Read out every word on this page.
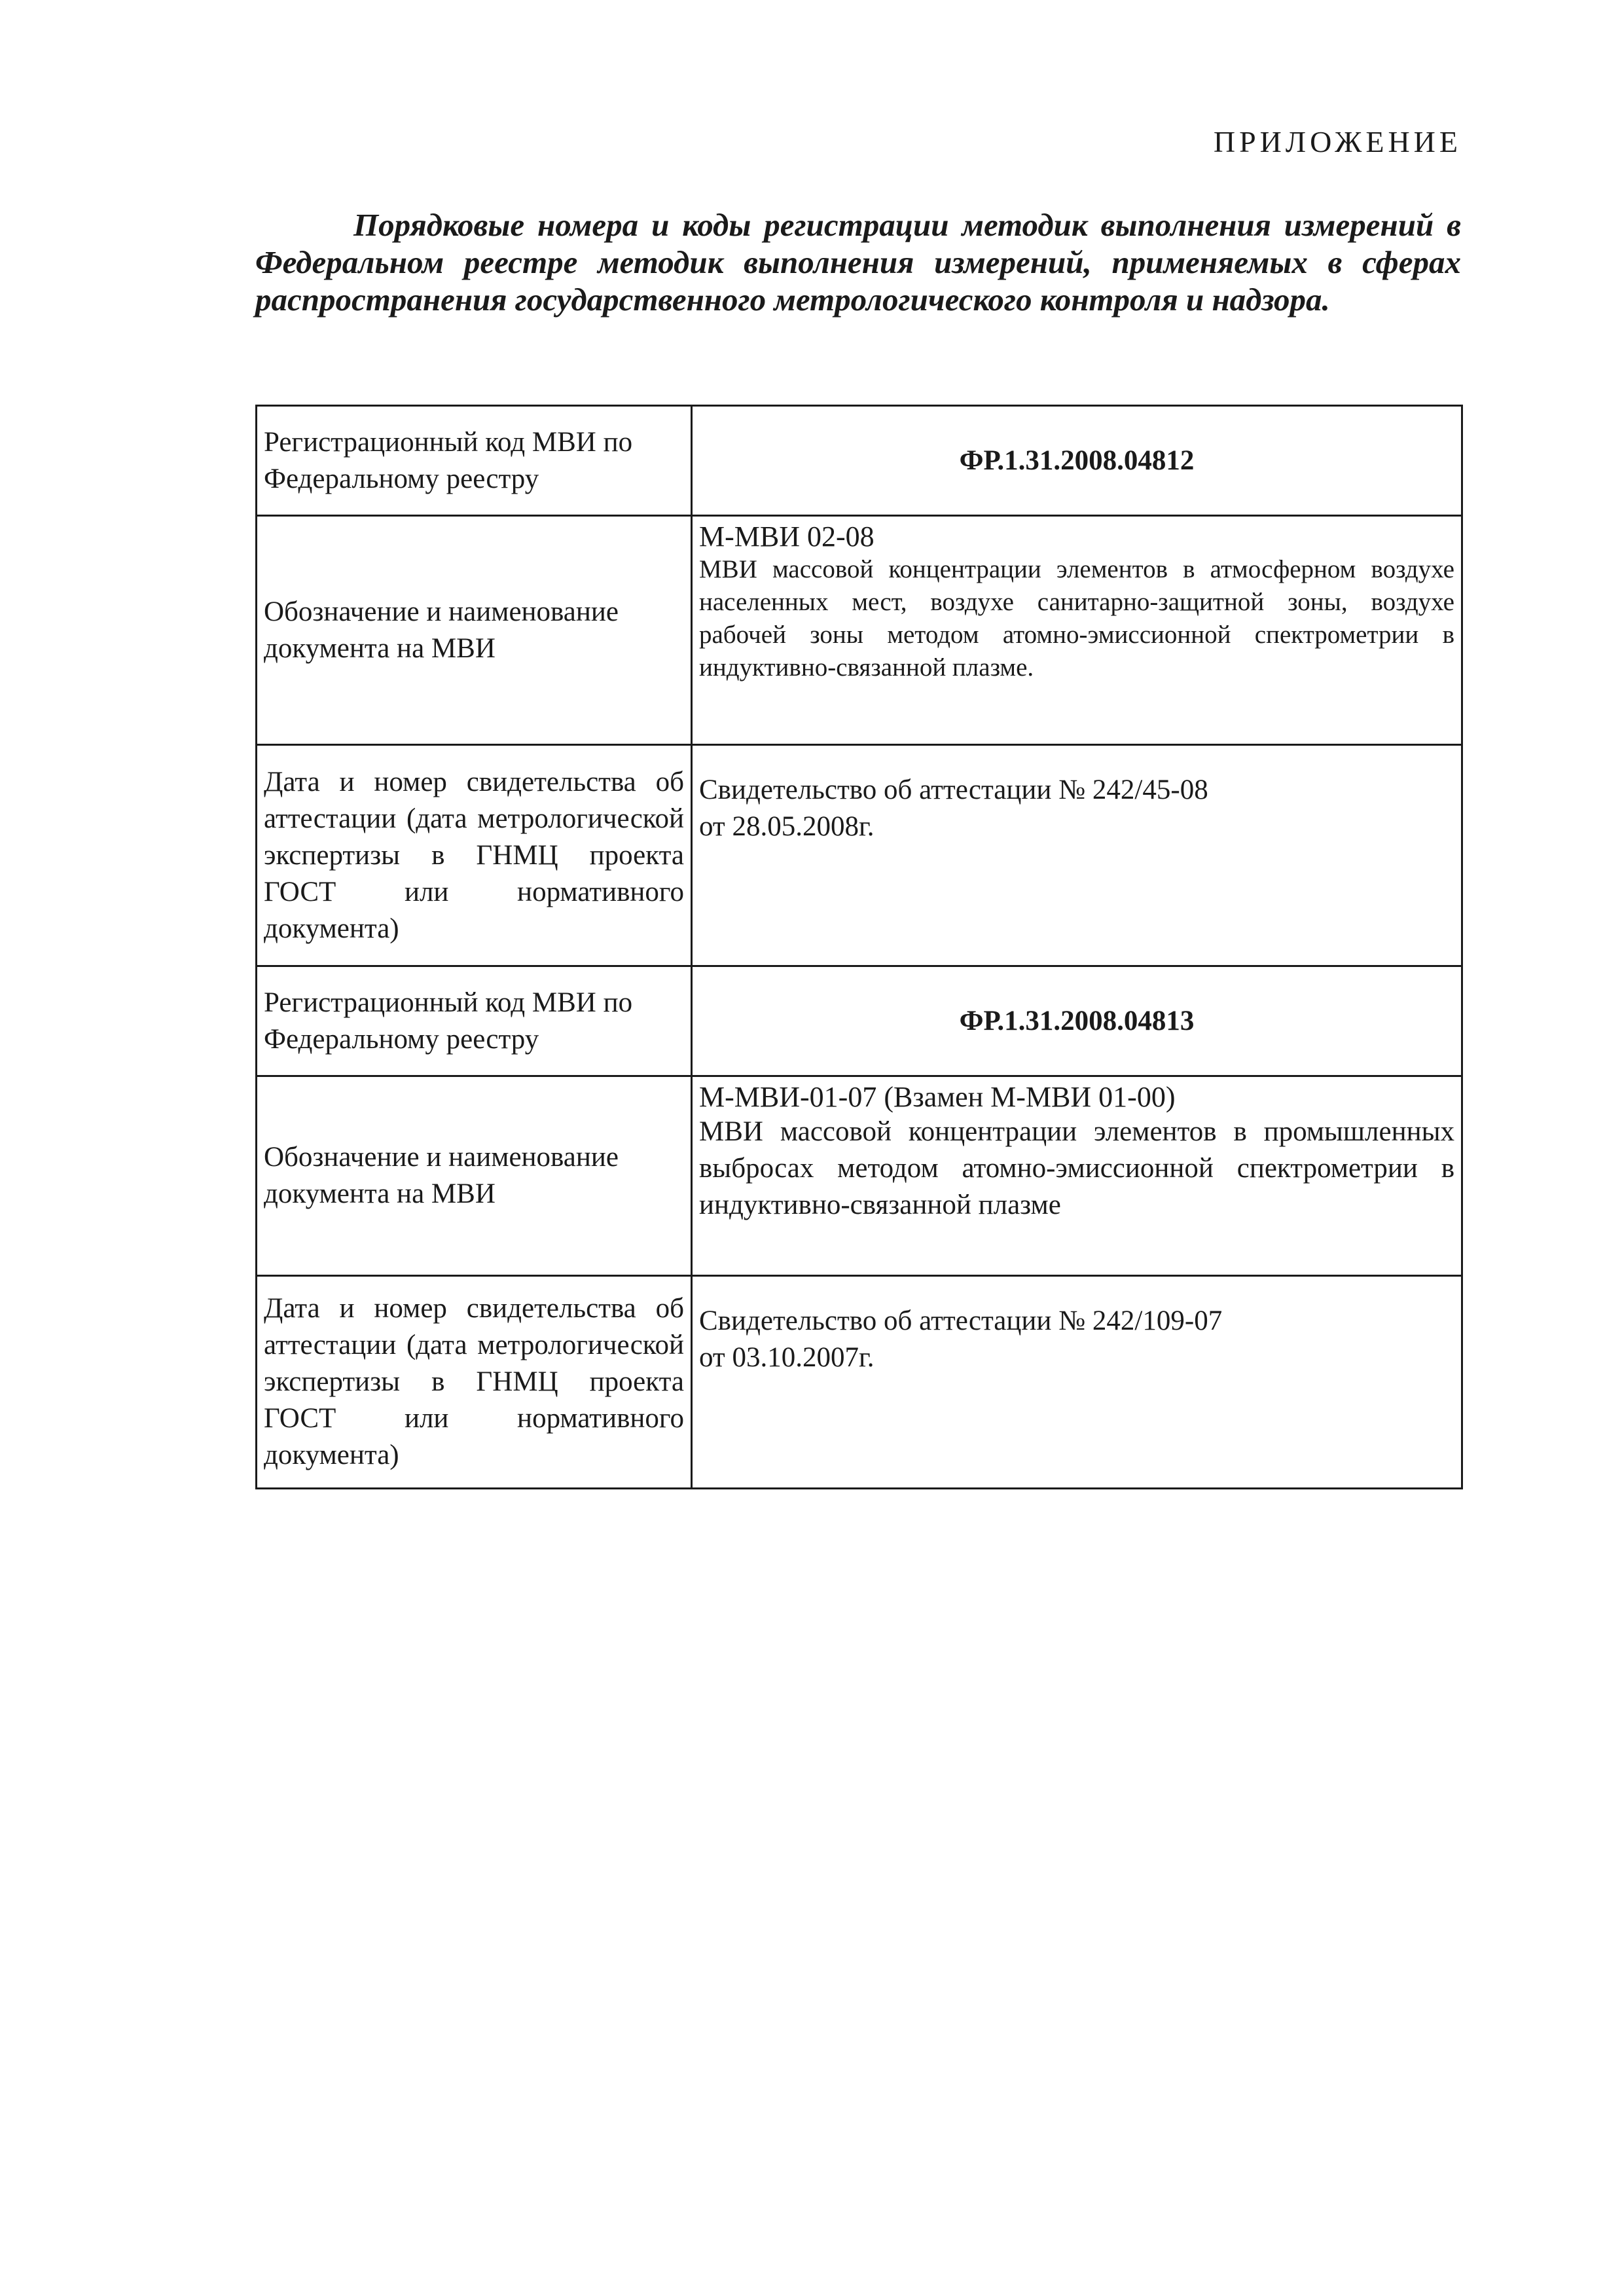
ПРИЛОЖЕНИЕ
Порядковые номера и коды регистрации методик выполнения измерений в Федеральном реестре методик выполнения измерений, применяемых в сферах распространения государственного метрологического контроля и надзора.
Регистрационный код МВИ по Федеральному реестру	ФР.1.31.2008.04812
Обозначение и наименование документа на МВИ	М-МВИ 02-08
МВИ массовой концентрации элементов в атмосферном воздухе населенных мест, воздухе санитарно-защитной зоны, воздухе рабочей зоны методом атомно-эмиссионной спектрометрии в индуктивно-связанной плазме.

Дата и номер свидетельства об аттестации (дата метрологической экспертизы в ГНМЦ проекта ГОСТ или нормативного документа)	Свидетельство об аттестации № 242/45-08
от 28.05.2008г.

Регистрационный код МВИ по Федеральному реестру	ФР.1.31.2008.04813
Обозначение и наименование документа на МВИ	М-МВИ-01-07 (Взамен М-МВИ 01-00)
МВИ массовой концентрации элементов в промышленных выбросах методом атомно-эмиссионной спектрометрии в индуктивно-связанной плазме

Дата и номер свидетельства об аттестации (дата метрологической экспертизы в ГНМЦ проекта ГОСТ или нормативного документа)	Свидетельство об аттестации № 242/109-07
от 03.10.2007г.
